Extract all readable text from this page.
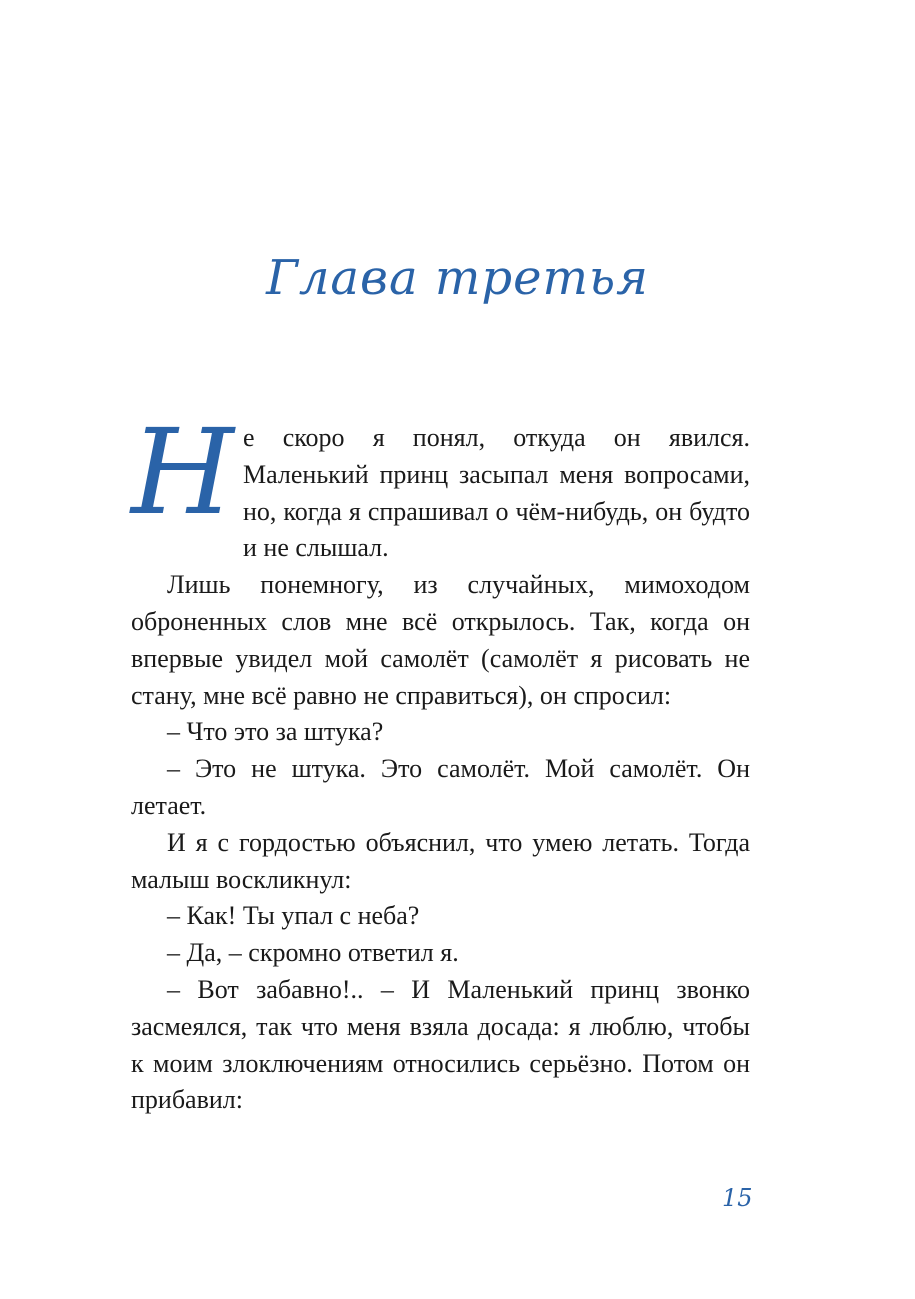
Глава третья

Не скоро я понял, откуда он явился. Маленький принц засыпал меня вопросами, но, когда я спрашивал о чём-нибудь, он будто и не слышал.

Лишь понемногу, из случайных, мимоходом оброненных слов мне всё открылось. Так, когда он впервые увидел мой самолёт (самолёт я рисовать не стану, мне всё равно не справиться), он спросил:

– Что это за штука?

– Это не штука. Это самолёт. Мой самолёт. Он летает.

И я с гордостью объяснил, что умею летать. Тогда малыш воскликнул:

– Как! Ты упал с неба?

– Да, – скромно ответил я.

– Вот забавно!.. – И Маленький принц звонко засмеялся, так что меня взяла досада: я люблю, чтобы к моим злоключениям относились серьёзно. Потом он прибавил:

15
